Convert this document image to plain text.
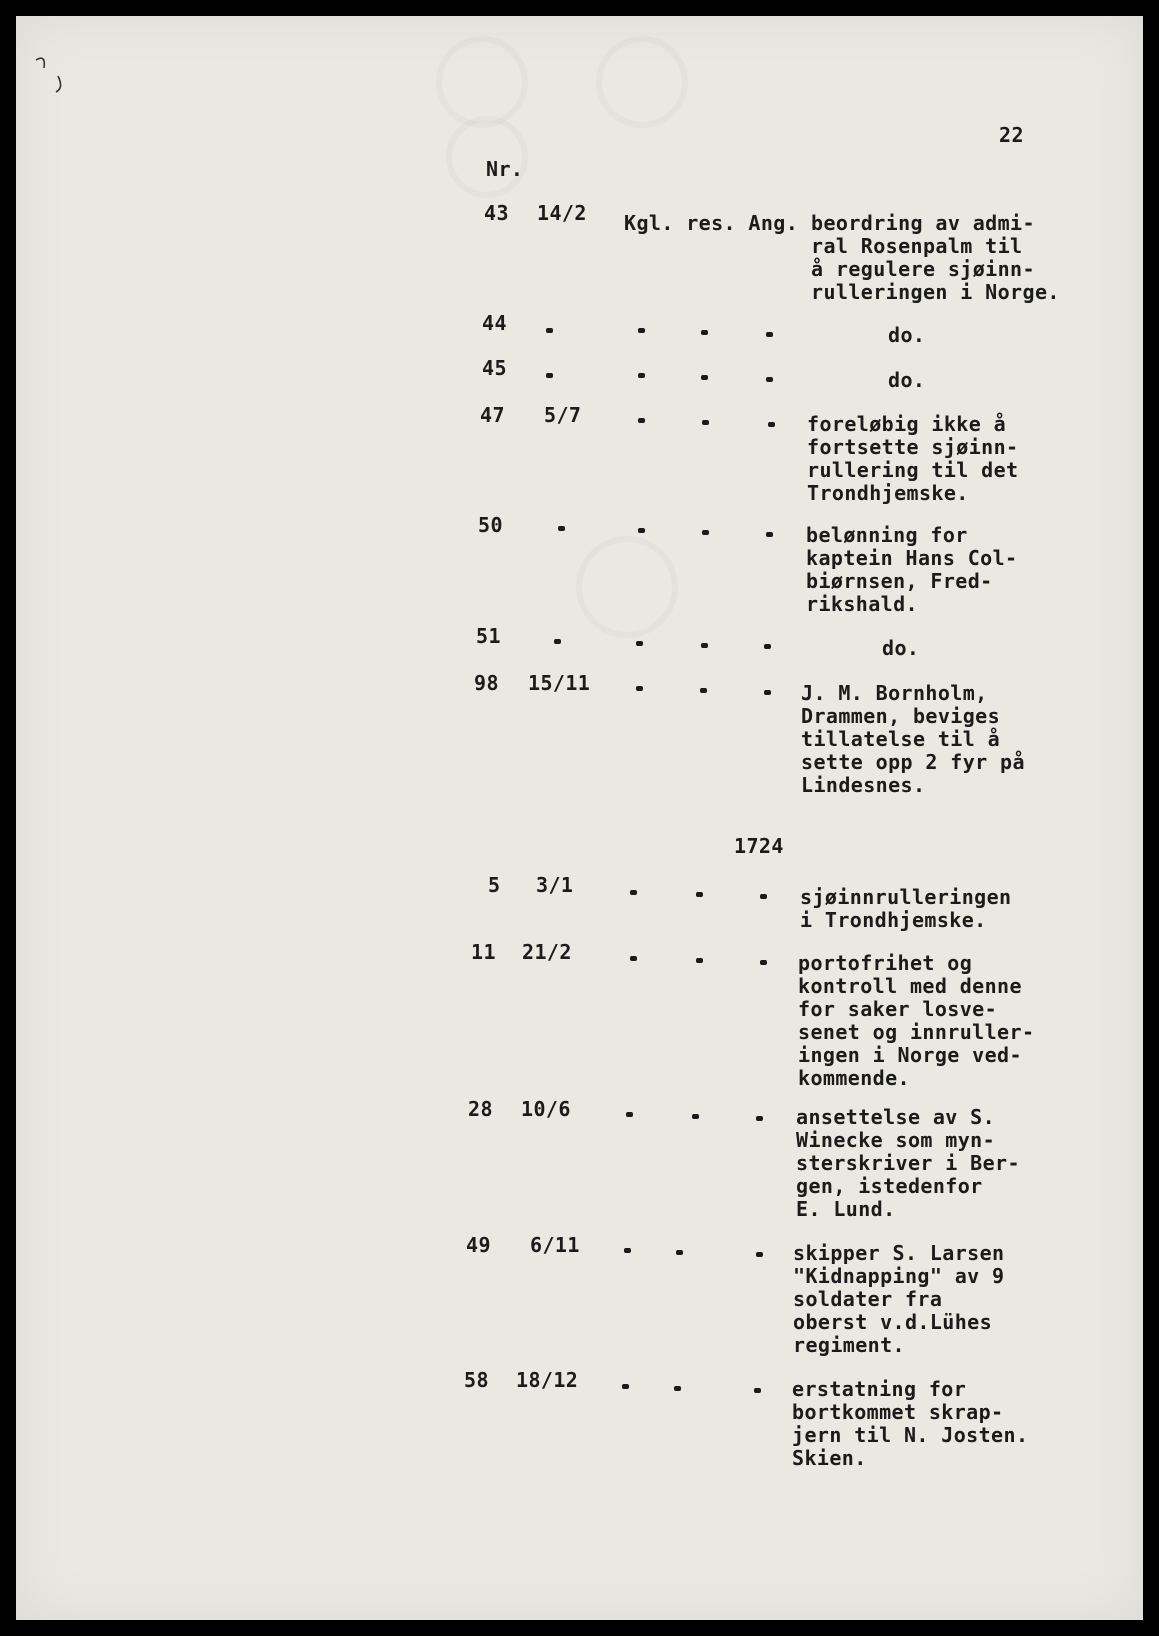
22
Nr.
43 14/2 Kgl. res. Ang. beordring av admi-
ral Rosenpalm til
å regulere sjøinn-
rulleringen i Norge.
44	do.
45	do.
47 5/7	foreløbig ikke å
fortsette sjøinn-
rullering til det
Trondhjemske.
50	belønning for
kaptein Hans Col-
biørnsen, Fred-
rikshald.
51	do.
98 15/11	J. M. Bornholm,
Drammen, beviges
tillatelse til å
sette opp 2 fyr på
Lindesnes.
1724
5 3/1	sjøinnrulleringen
i Trondhjemske.
11 21/2	portofrihet og
kontroll med denne
for saker losve-
senet og innruller-
ingen i Norge ved-
kommende.
28 10/6	ansettelse av S.
Winecke som myn-
sterskriver i Ber-
gen, istedenfor
E. Lund.
49 6/11	skipper S. Larsen
"Kidnapping" av 9
soldater fra
oberst v.d.Lühes
regiment.
58 18/12	erstatning for
bortkommet skrap-
jern til N. Josten.
Skien.
